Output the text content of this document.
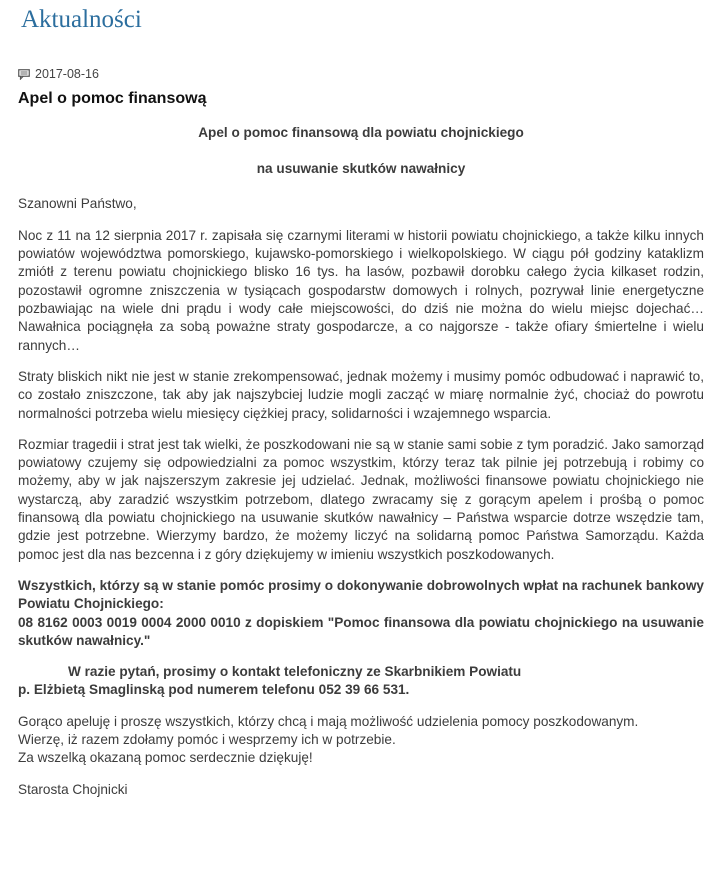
Aktualności
2017-08-16
Apel o pomoc finansową

Apel o pomoc finansową dla powiatu chojnickiego

na usuwanie skutków nawałnicy

Szanowni Państwo,

Noc z 11 na 12 sierpnia 2017 r. zapisała się czarnymi literami w historii powiatu chojnickiego, a także kilku innych powiatów województwa pomorskiego, kujawsko-pomorskiego i wielkopolskiego. W ciągu pół godziny kataklizm zmiótł z terenu powiatu chojnickiego blisko 16 tys. ha lasów, pozbawił dorobku całego życia kilkaset rodzin, pozostawił ogromne zniszczenia w tysiącach gospodarstw domowych i rolnych, pozrywał linie energetyczne pozbawiając na wiele dni prądu i wody całe miejscowości, do dziś nie można do wielu miejsc dojechać… Nawałnica pociągnęła za sobą poważne straty gospodarcze, a co najgorsze - także ofiary śmiertelne i wielu rannych…

Straty bliskich nikt nie jest w stanie zrekompensować, jednak możemy i musimy pomóc odbudować i naprawić to, co zostało zniszczone, tak aby jak najszybciej ludzie mogli zacząć w miarę normalnie żyć, chociaż do powrotu normalności potrzeba wielu miesięcy ciężkiej pracy, solidarności i wzajemnego wsparcia.

Rozmiar tragedii i strat jest tak wielki, że poszkodowani nie są w stanie sami sobie z tym poradzić. Jako samorząd powiatowy czujemy się odpowiedzialni za pomoc wszystkim, którzy teraz tak pilnie jej potrzebują i robimy co możemy, aby w jak najszerszym zakresie jej udzielać. Jednak, możliwości finansowe powiatu chojnickiego nie wystarczą, aby zaradzić wszystkim potrzebom, dlatego zwracamy się z gorącym apelem i prośbą o pomoc finansową dla powiatu chojnickiego na usuwanie skutków nawałnicy – Państwa wsparcie dotrze wszędzie tam, gdzie jest potrzebne. Wierzymy bardzo, że możemy liczyć na solidarną pomoc Państwa Samorządu. Każda pomoc jest dla nas bezcenna i z góry dziękujemy w imieniu wszystkich poszkodowanych.

Wszystkich, którzy są w stanie pomóc prosimy o dokonywanie dobrowolnych wpłat na rachunek bankowy Powiatu Chojnickiego:

08 8162 0003 0019 0004 2000 0010 z dopiskiem "Pomoc finansowa dla powiatu chojnickiego na usuwanie skutków nawałnicy."

W razie pytań, prosimy o kontakt telefoniczny ze Skarbnikiem Powiatu

p. Elżbietą Smaglinską pod numerem telefonu 052 39 66 531.

Gorąco apeluję i proszę wszystkich, którzy chcą i mają możliwość udzielenia pomocy poszkodowanym.

Wierzę, iż razem zdołamy pomóc i wesprzemy ich w potrzebie.

Za wszelką okazaną pomoc serdecznie dziękuję!

Starosta Chojnicki
